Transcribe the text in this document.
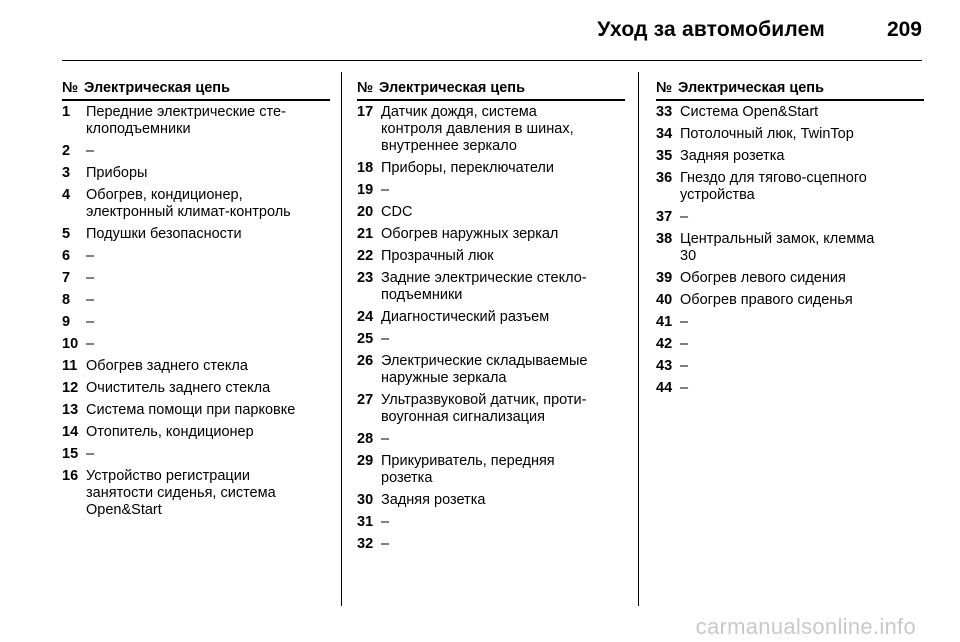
Уход за автомобилем	209
№ Электрическая цепь
1	Передние электрические сте-
клоподъемники
2	–
3	Приборы
4	Обогрев, кондиционер,
электронный климат-контроль
5	Подушки безопасности
6	–
7	–
8	–
9	–
10 –
11 Обогрев заднего стекла
12 Очиститель заднего стекла
13 Система помощи при парковке
14 Отопитель, кондиционер
15 –
16 Устройство регистрации
занятости сиденья, система
Open&Start
№ Электрическая цепь
17 Датчик дождя, система
контроля давления в шинах,
внутреннее зеркало
18 Приборы, переключатели
19 –
20 CDC
21 Обогрев наружных зеркал
22 Прозрачный люк
23 Задние электрические стекло-
подъемники
24 Диагностический разъем
25 –
26 Электрические складываемые
наружные зеркала
27 Ультразвуковой датчик, проти-
воугонная сигнализация
28 –
29 Прикуриватель, передняя
розетка
30 Задняя розетка
31 –
32 –
№ Электрическая цепь
33 Система Open&Start
34 Потолочный люк, TwinTop
35 Задняя розетка
36 Гнездо для тягово-сцепного
устройства
37 –
38 Центральный замок, клемма
30
39 Обогрев левого сидения
40 Обогрев правого сиденья
41 –
42 –
43 –
44 –
carmanualsonline.info
